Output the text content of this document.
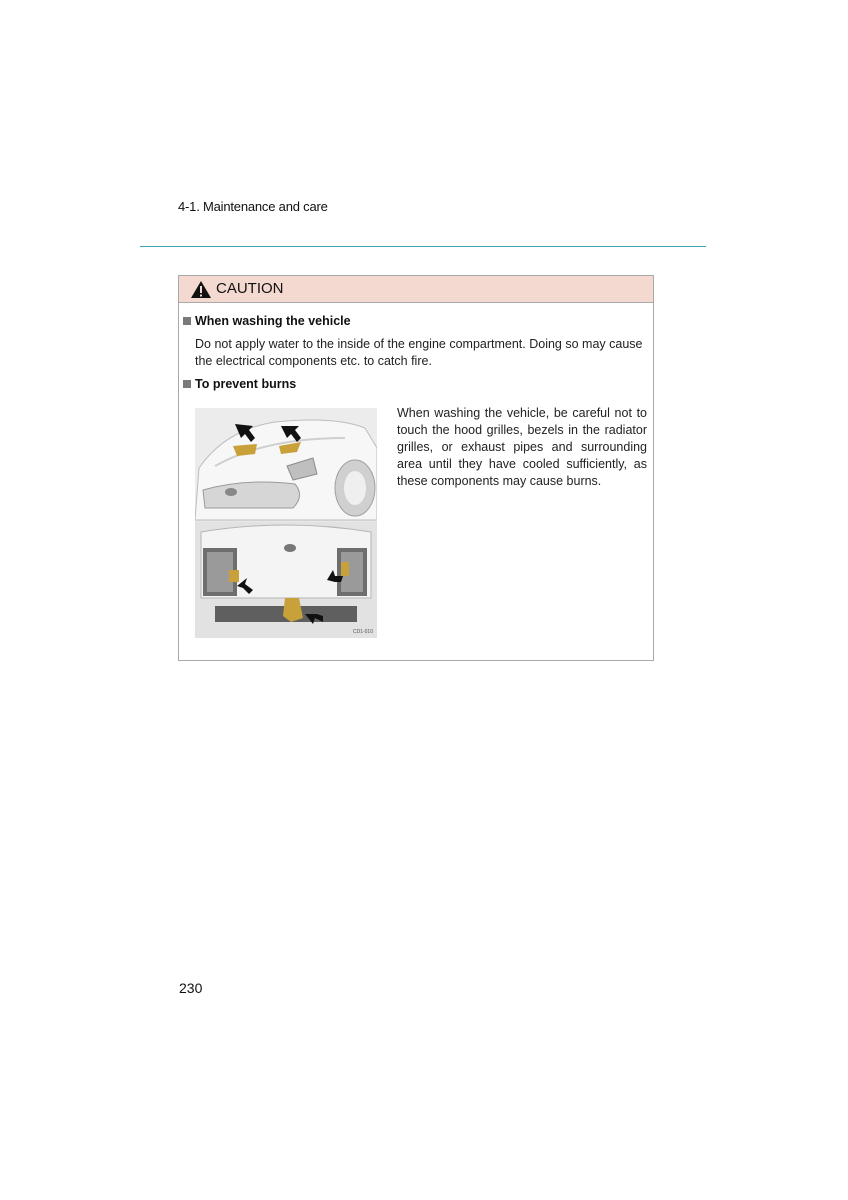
4-1. Maintenance and care
CAUTION
When washing the vehicle
Do not apply water to the inside of the engine compartment. Doing so may cause the electrical components etc. to catch fire.
To prevent burns
CD1-010
When washing the vehicle, be careful not to touch the hood grilles, bezels in the radiator grilles, or exhaust pipes and surrounding area until they have cooled sufficiently, as these components may cause burns.
230
